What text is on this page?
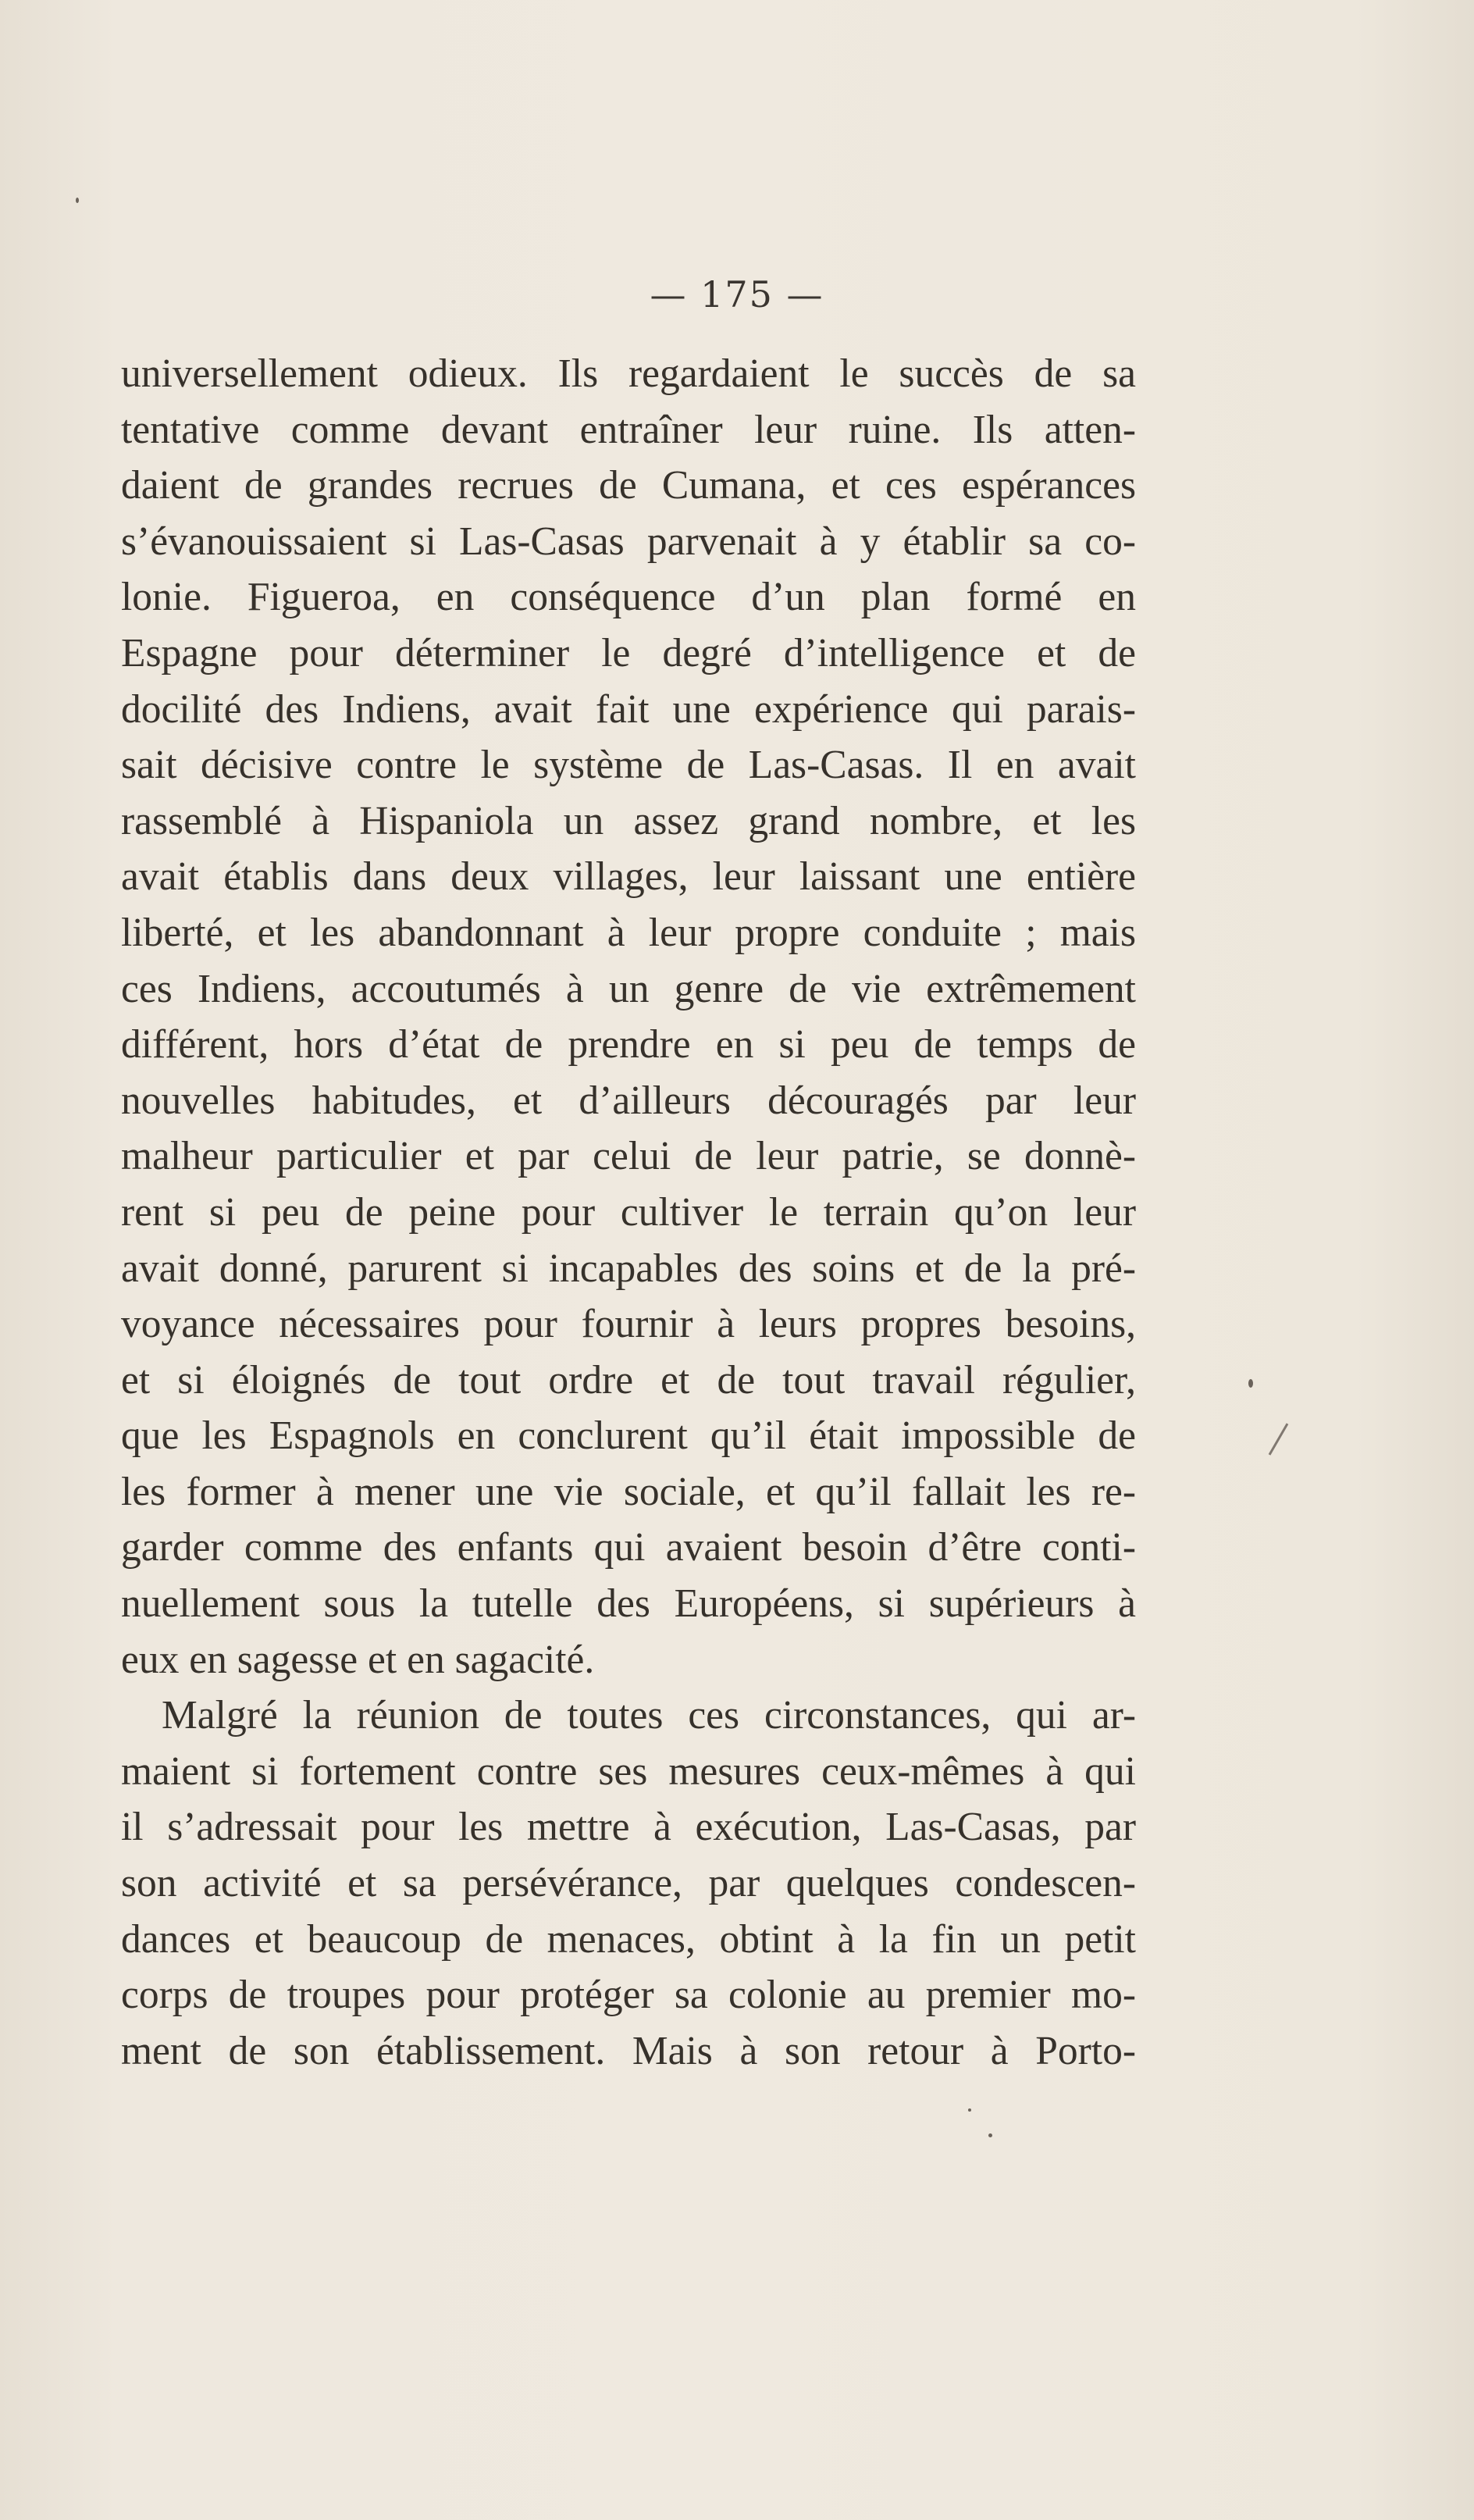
— 175 —
universellement odieux. Ils regardaient le succès de sa
tentative comme devant entraîner leur ruine. Ils atten-
daient de grandes recrues de Cumana, et ces espérances
s’évanouissaient si Las-Casas parvenait à y établir sa co-
lonie. Figueroa, en conséquence d’un plan formé en
Espagne pour déterminer le degré d’intelligence et de
docilité des Indiens, avait fait une expérience qui parais-
sait décisive contre le système de Las-Casas. Il en avait
rassemblé à Hispaniola un assez grand nombre, et les
avait établis dans deux villages, leur laissant une entière
liberté, et les abandonnant à leur propre conduite ; mais
ces Indiens, accoutumés à un genre de vie extrêmement
différent, hors d’état de prendre en si peu de temps de
nouvelles habitudes, et d’ailleurs découragés par leur
malheur particulier et par celui de leur patrie, se donnè-
rent si peu de peine pour cultiver le terrain qu’on leur
avait donné, parurent si incapables des soins et de la pré-
voyance nécessaires pour fournir à leurs propres besoins,
et si éloignés de tout ordre et de tout travail régulier,
que les Espagnols en conclurent qu’il était impossible de
les former à mener une vie sociale, et qu’il fallait les re-
garder comme des enfants qui avaient besoin d’être conti-
nuellement sous la tutelle des Européens, si supérieurs à
eux en sagesse et en sagacité.
Malgré la réunion de toutes ces circonstances, qui ar-
maient si fortement contre ses mesures ceux-mêmes à qui
il s’adressait pour les mettre à exécution, Las-Casas, par
son activité et sa persévérance, par quelques condescen-
dances et beaucoup de menaces, obtint à la fin un petit
corps de troupes pour protéger sa colonie au premier mo-
ment de son établissement. Mais à son retour à Porto-
